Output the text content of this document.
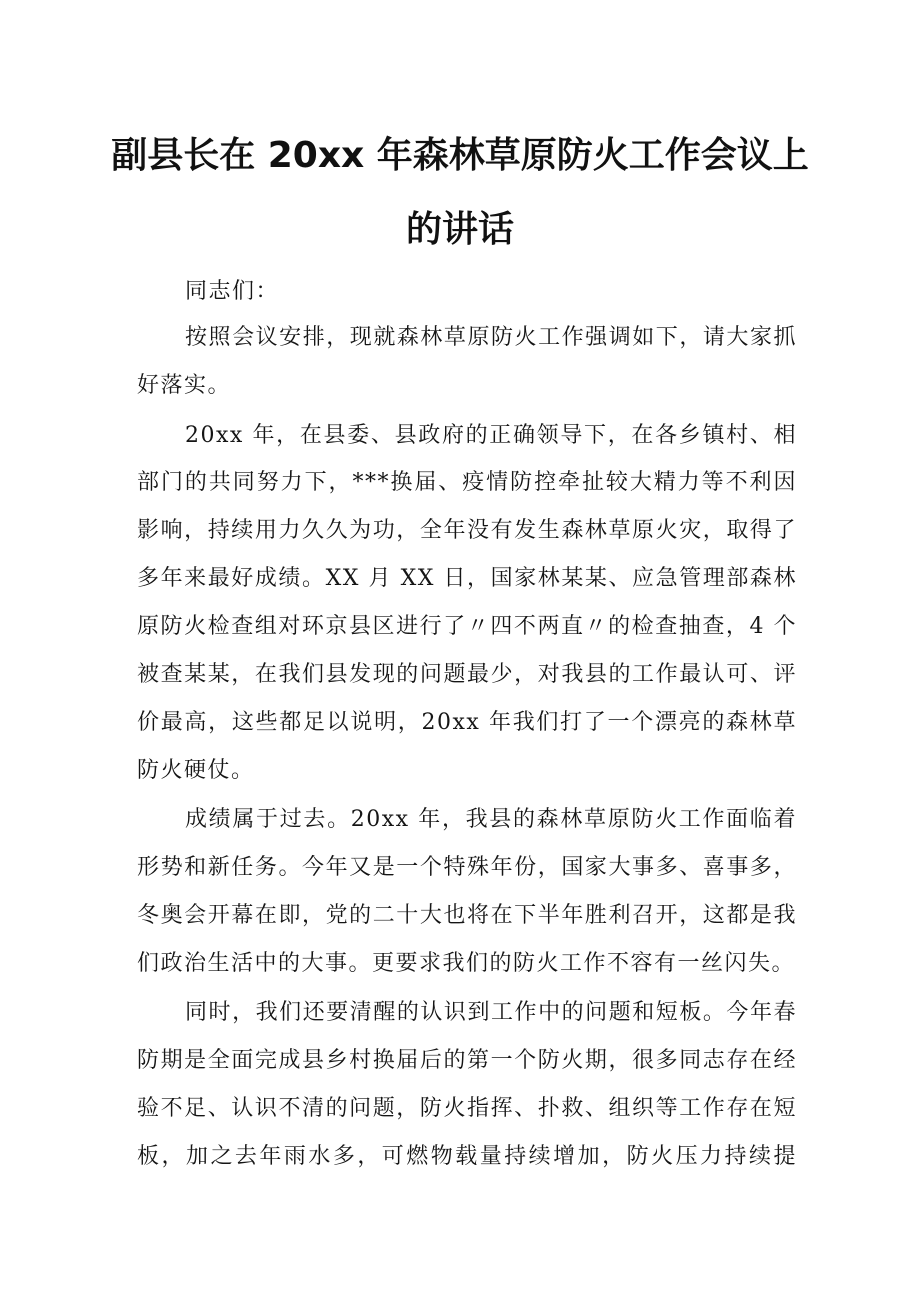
副县长在 20xx 年森林草原防火工作会议上
的讲话
同志们：
按照会议安排，现就森林草原防火工作强调如下，请大家抓
好落实。
20xx 年，在县委、县政府的正确领导下，在各乡镇村、相
部门的共同努力下，***换届、疫情防控牵扯较大精力等不利因
影响，持续用力久久为功，全年没有发生森林草原火灾，取得了
多年来最好成绩。XX 月 XX 日，国家林某某、应急管理部森林
原防火检查组对环京县区进行了〃四不两直〃的检查抽查，4 个
被查某某，在我们县发现的问题最少，对我县的工作最认可、评
价最高，这些都足以说明，20xx 年我们打了一个漂亮的森林草
防火硬仗。
成绩属于过去。20xx 年，我县的森林草原防火工作面临着
形势和新任务。今年又是一个特殊年份，国家大事多、喜事多，
冬奥会开幕在即，党的二十大也将在下半年胜利召开，这都是我
们政治生活中的大事。更要求我们的防火工作不容有一丝闪失。
同时，我们还要清醒的认识到工作中的问题和短板。今年春
防期是全面完成县乡村换届后的第一个防火期，很多同志存在经
验不足、认识不清的问题，防火指挥、扑救、组织等工作存在短
板，加之去年雨水多，可燃物载量持续增加，防火压力持续提
